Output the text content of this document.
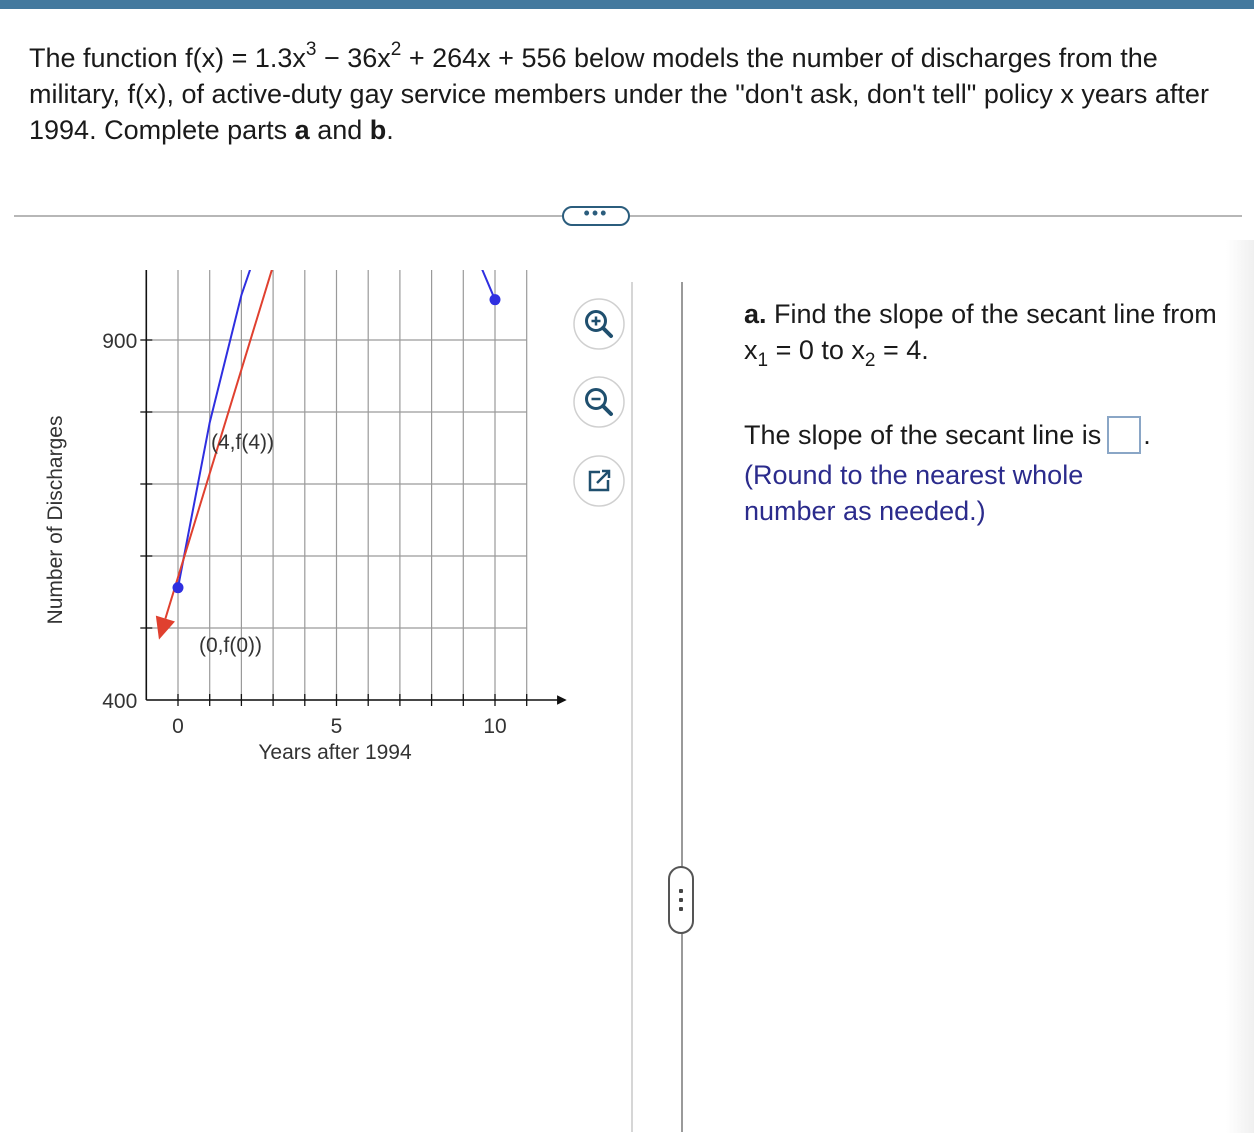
The function $f(x) = 1.3x^3 - 36x^2 + 264x + 556$ below models the number of discharges from the military, f(x), of active-duty gay service members under the "don't ask, don't tell" policy x years after 1994. Complete parts a and b.
•••
0	5	10
400
900
Number of Discharges
Years after 1994
(4,f(4))
(0,f(0))
a. Find the slope of the secant line from $x_1 = 0$ to $x_2 = 4$.
The slope of the secant line is .
(Round to the nearest whole number as needed.)
